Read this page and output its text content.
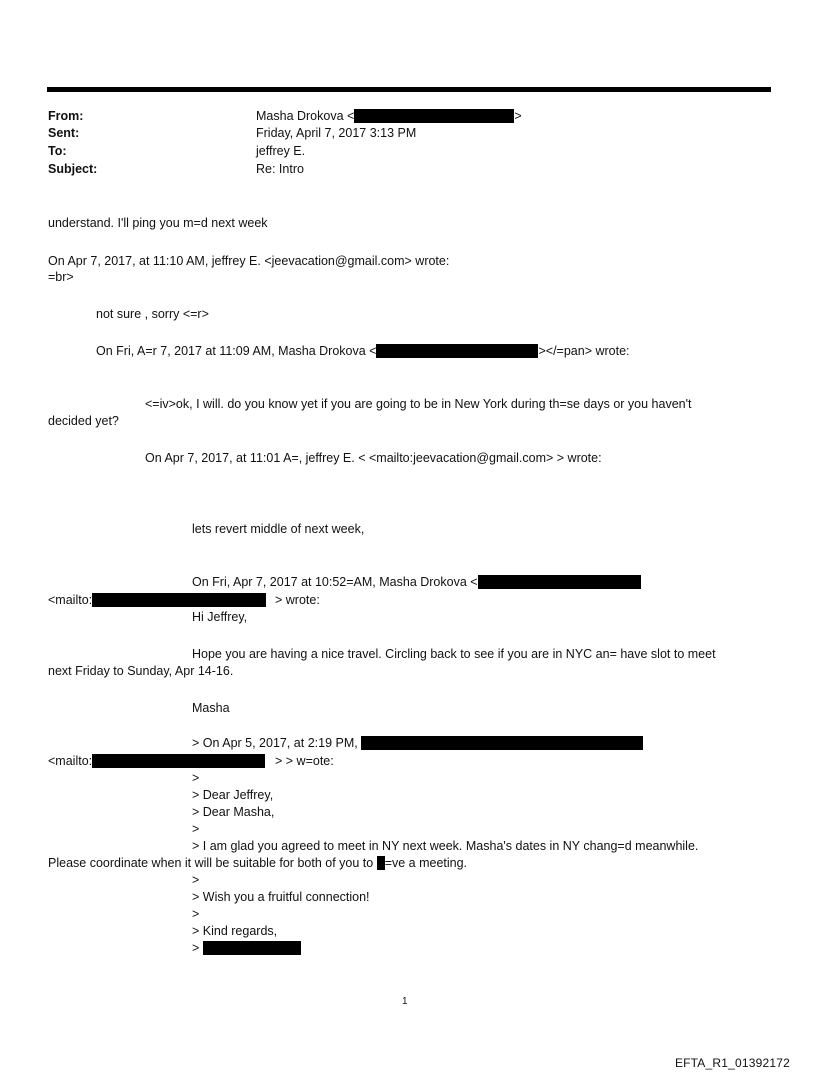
From:	Masha Drokova <	>
Sent:	Friday, April 7, 2017 3:13 PM
To:	jeffrey E.
Subject:	Re: Intro
understand. I'll ping you m=d next week
On Apr 7, 2017, at 11:10 AM, jeffrey E. <jeevacation@gmail.com> wrote:
=br>
not sure , sorry <=r>
On Fri, A=r 7, 2017 at 11:09 AM, Masha Drokova <	></=pan> wrote:
<=iv>ok, I will. do you know yet if you are going to be in New York during th=se days or you haven't
decided yet?
On Apr 7, 2017, at 11:01 A=, jeffrey E. < <mailto:jeevacation@gmail.com> > wrote:
lets revert middle of next week,
On Fri, Apr 7, 2017 at 10:52=AM, Masha Drokova <
<mailto:	> wrote:
Hi Jeffrey,
Hope you are having a nice travel. Circling back to see if you are in NYC an= have slot to meet
next Friday to Sunday, Apr 14-16.
Masha
> On Apr 5, 2017, at 2:19 PM,
<mailto:	> > w=ote:
>
> Dear Jeffrey,
> Dear Masha,
>
> I am glad you agreed to meet in NY next week. Masha's dates in NY chang=d meanwhile.
Please coordinate when it will be suitable for both of you to =ve a meeting.
>
> Wish you a fruitful connection!
>
> Kind regards,
>
1
EFTA_R1_01392172
